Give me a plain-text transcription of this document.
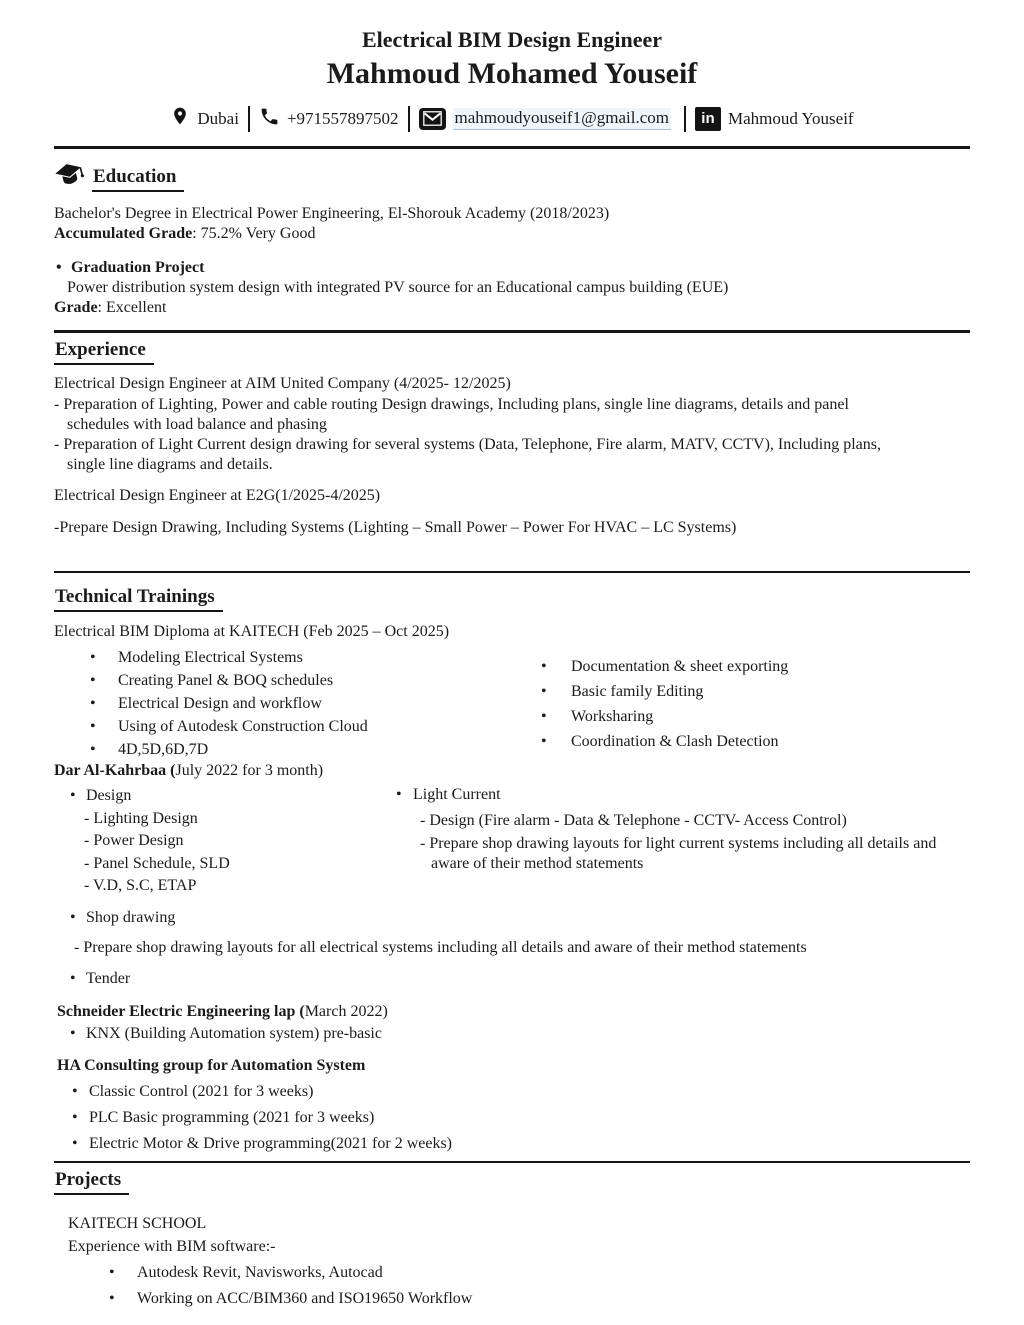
Electrical BIM Design Engineer
Mahmoud Mohamed Youseif
Dubai	+971557897502	mahmoudyouseif1@gmail.com	in Mahmoud Youseif
Education

Bachelor's Degree in Electrical Power Engineering, El-Shorouk Academy (2018/2023)

Accumulated Grade: 75.2% Very Good

• Graduation Project

Power distribution system design with integrated PV source for an Educational campus building (EUE)

Grade: Excellent

Experience

Electrical Design Engineer at AIM United Company (4/2025- 12/2025)

- Preparation of Lighting, Power and cable routing Design drawings, Including plans, single line diagrams, details and panel schedules with load balance and phasing

- Preparation of Light Current design drawing for several systems (Data, Telephone, Fire alarm, MATV, CCTV), Including plans, single line diagrams and details.

Electrical Design Engineer at E2G(1/2025-4/2025)

-Prepare Design Drawing, Including Systems (Lighting – Small Power – Power For HVAC – LC Systems)

Technical Trainings

Electrical BIM Diploma at KAITECH (Feb 2025 – Oct 2025)

• Modeling Electrical Systems

• Creating Panel & BOQ schedules

• Electrical Design and workflow

• Using of Autodesk Construction Cloud

• 4D,5D,6D,7D

• Documentation & sheet exporting

• Basic family Editing

• Worksharing

• Coordination & Clash Detection

Dar Al-Kahrbaa (July 2022 for 3 month)

• Design

- Lighting Design

- Power Design

- Panel Schedule, SLD

- V.D, S.C, ETAP

• Light Current

- Design (Fire alarm - Data & Telephone - CCTV- Access Control)

- Prepare shop drawing layouts for light current systems including all details and aware of their method statements

• Shop drawing

- Prepare shop drawing layouts for all electrical systems including all details and aware of their method statements

• Tender

Schneider Electric Engineering lap (March 2022)

• KNX (Building Automation system) pre-basic

HA Consulting group for Automation System

• Classic Control (2021 for 3 weeks)

• PLC Basic programming (2021 for 3 weeks)

• Electric Motor & Drive programming(2021 for 2 weeks)

Projects

KAITECH SCHOOL

Experience with BIM software:-

• Autodesk Revit, Navisworks, Autocad

• Working on ACC/BIM360 and ISO19650 Workflow
